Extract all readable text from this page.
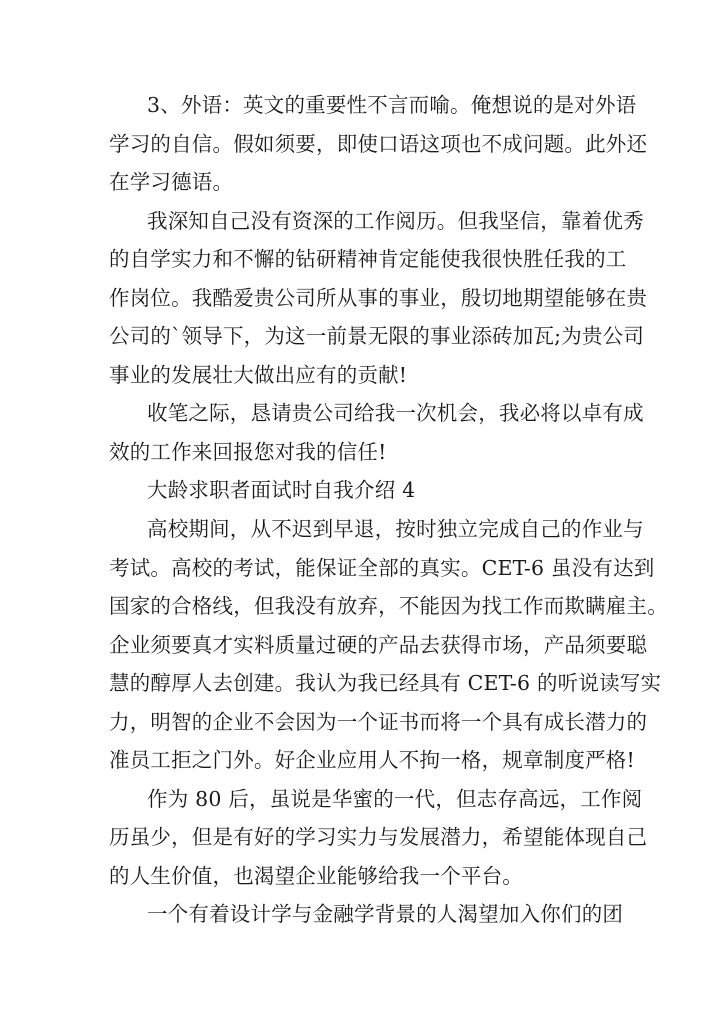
3、外语：英文的重要性不言而喻。俺想说的是对外语
学习的自信。假如须要，即使口语这项也不成问题。此外还
在学习德语。
我深知自己没有资深的工作阅历。但我坚信，靠着优秀
的自学实力和不懈的钻研精神肯定能使我很快胜任我的工
作岗位。我酷爱贵公司所从事的事业，殷切地期望能够在贵
公司的`领导下，为这一前景无限的事业添砖加瓦;为贵公司
事业的发展壮大做出应有的贡献!
收笔之际，恳请贵公司给我一次机会，我必将以卓有成
效的工作来回报您对我的信任!
大龄求职者面试时自我介绍 4
高校期间，从不迟到早退，按时独立完成自己的作业与
考试。高校的考试，能保证全部的真实。CET-6 虽没有达到
国家的合格线，但我没有放弃，不能因为找工作而欺瞒雇主。
企业须要真才实料质量过硬的产品去获得市场，产品须要聪
慧的醇厚人去创建。我认为我已经具有 CET-6 的听说读写实
力，明智的企业不会因为一个证书而将一个具有成长潜力的
准员工拒之门外。好企业应用人不拘一格，规章制度严格!
作为 80 后，虽说是华蜜的一代，但志存高远，工作阅
历虽少，但是有好的学习实力与发展潜力，希望能体现自己
的人生价值，也渴望企业能够给我一个平台。
一个有着设计学与金融学背景的人渴望加入你们的团
